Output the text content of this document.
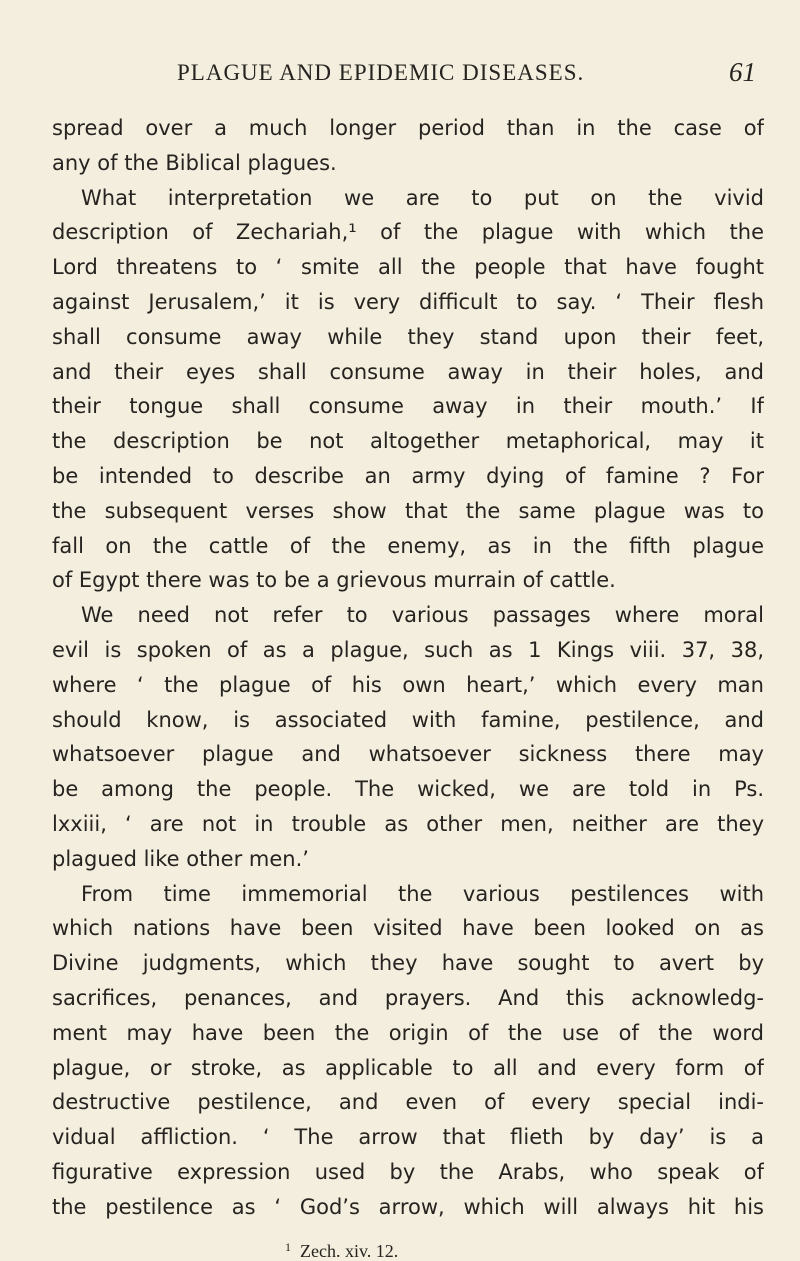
PLAGUE AND EPIDEMIC DISEASES.	61
spread over a much longer period than in the case of
any of the Biblical plagues.
What interpretation we are to put on the vivid
description of Zechariah,¹ of the plague with which the
Lord threatens to ‘ smite all the people that have fought
against Jerusalem,’ it is very difficult to say. ‘ Their flesh
shall consume away while they stand upon their feet,
and their eyes shall consume away in their holes, and
their tongue shall consume away in their mouth.’ If
the description be not altogether metaphorical, may it
be intended to describe an army dying of famine ? For
the subsequent verses show that the same plague was to
fall on the cattle of the enemy, as in the fifth plague
of Egypt there was to be a grievous murrain of cattle.
We need not refer to various passages where moral
evil is spoken of as a plague, such as 1 Kings viii. 37, 38,
where ‘ the plague of his own heart,’ which every man
should know, is associated with famine, pestilence, and
whatsoever plague and whatsoever sickness there may
be among the people. The wicked, we are told in Ps.
lxxiii, ‘ are not in trouble as other men, neither are they
plagued like other men.’
From time immemorial the various pestilences with
which nations have been visited have been looked on as
Divine judgments, which they have sought to avert by
sacrifices, penances, and prayers. And this acknowledg-
ment may have been the origin of the use of the word
plague, or stroke, as applicable to all and every form of
destructive pestilence, and even of every special indi-
vidual affliction. ‘ The arrow that flieth by day’ is a
figurative expression used by the Arabs, who speak of
the pestilence as ‘ God’s arrow, which will always hit his
$^1$ Zech. xiv. 12.
